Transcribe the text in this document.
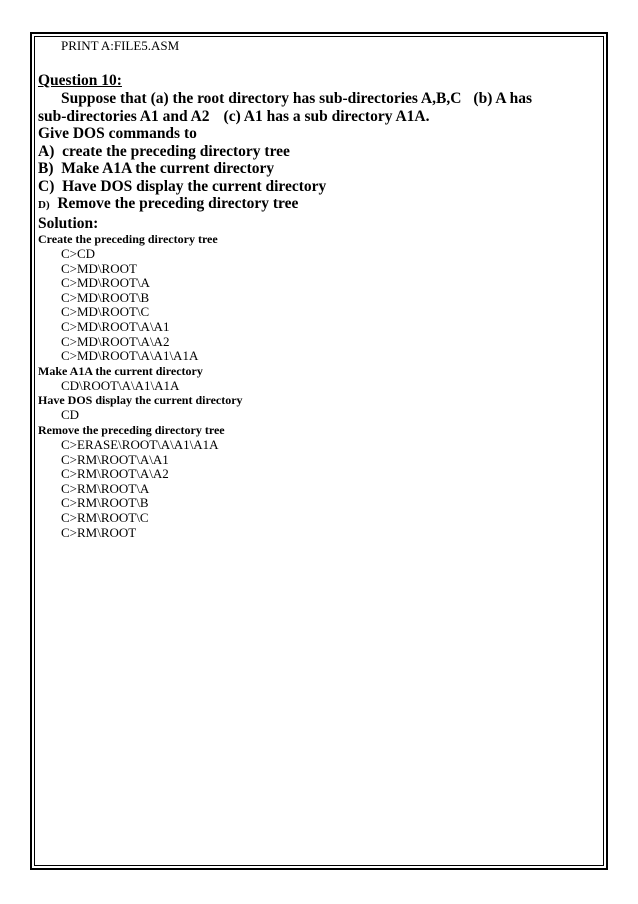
PRINT A:FILE5.ASM
Question 10:
Suppose that (a) the root directory has sub-directories A,B,C (b) A has
sub-directories A1 and A2 (c) A1 has a sub directory A1A.
Give DOS commands to
A) create the preceding directory tree
B) Make A1A the current directory
C) Have DOS display the current directory
D) Remove the preceding directory tree
Solution:
Create the preceding directory tree
C>CD
C>MD\ROOT
C>MD\ROOT\A
C>MD\ROOT\B
C>MD\ROOT\C
C>MD\ROOT\A\A1
C>MD\ROOT\A\A2
C>MD\ROOT\A\A1\A1A
Make A1A the current directory
CD\ROOT\A\A1\A1A
Have DOS display the current directory
CD
Remove the preceding directory tree
C>ERASE\ROOT\A\A1\A1A
C>RM\ROOT\A\A1
C>RM\ROOT\A\A2
C>RM\ROOT\A
C>RM\ROOT\B
C>RM\ROOT\C
C>RM\ROOT
